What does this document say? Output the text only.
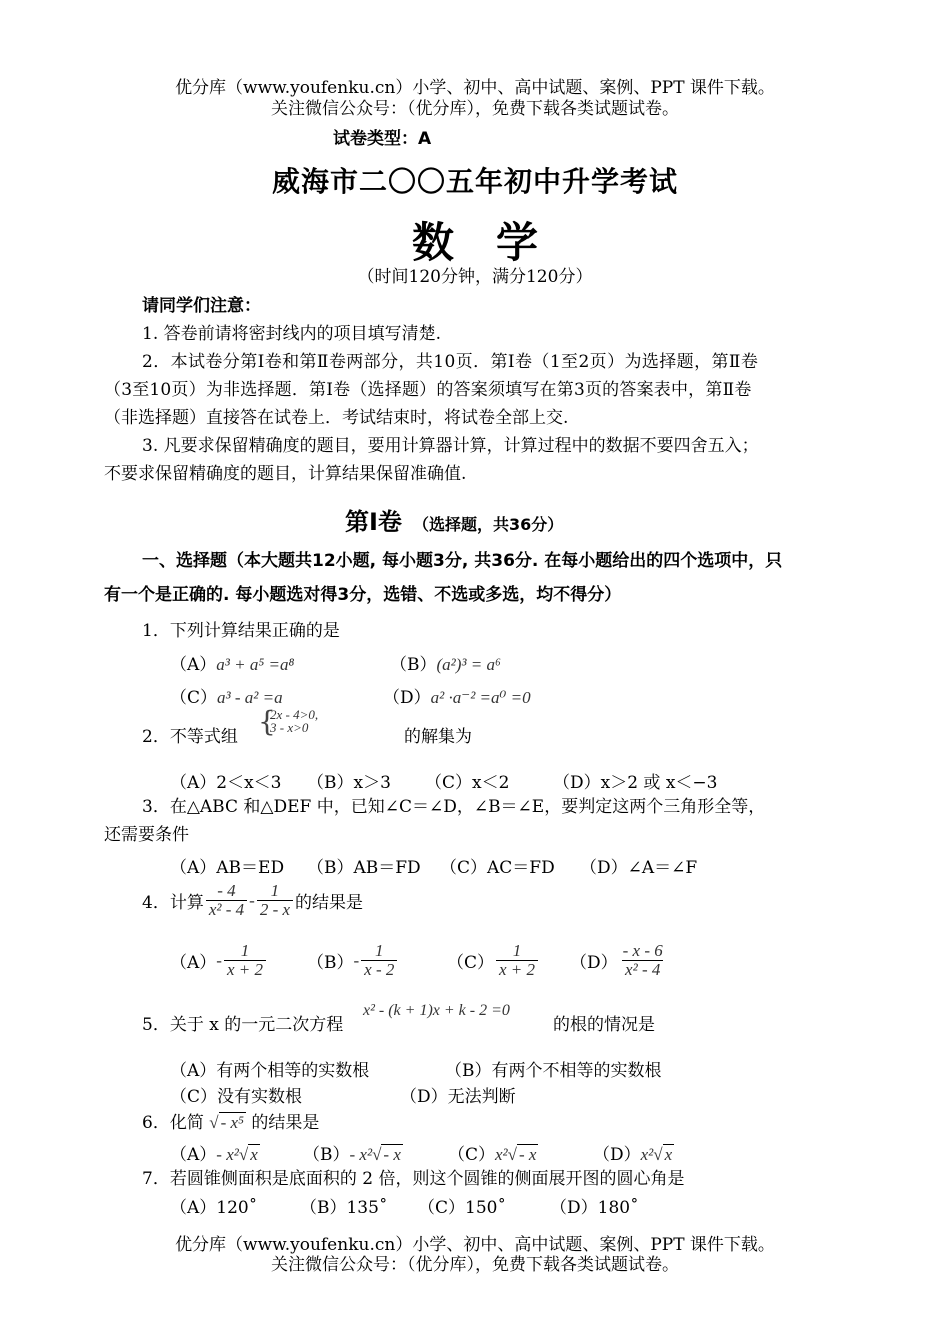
优分库（www.youfenku.cn）小学、初中、高中试题、案例、PPT 课件下载。
关注微信公众号：（优分库），免费下载各类试题试卷。
试卷类型：A
威海市二〇〇五年初中升学考试
数　学
（时间120分钟，满分120分）
请同学们注意：
1. 答卷前请将密封线内的项目填写清楚.
2．本试卷分第Ⅰ卷和第Ⅱ卷两部分，共10页．第Ⅰ卷（1至2页）为选择题，第Ⅱ卷
（3至10页）为非选择题．第Ⅰ卷（选择题）的答案须填写在第3页的答案表中，第Ⅱ卷
（非选择题）直接答在试卷上．考试结束时，将试卷全部上交.
3. 凡要求保留精确度的题目，要用计算器计算，计算过程中的数据不要四舍五入；
不要求保留精确度的题目，计算结果保留准确值.
第Ⅰ卷 （选择题，共36分）
一、选择题（本大题共12小题, 每小题3分, 共36分. 在每小题给出的四个选项中，只
有一个是正确的. 每小题选对得3分，选错、不选或多选，均不得分）
1．下列计算结果正确的是
（A）a³ + a⁵ =a⁸	（B）(a²)³ = a⁶
（C）a³ - a² =a	（D）a² ·a⁻² =a⁰ =0
2．不等式组 {
2x - 4>0,
3 - x>0	的解集为
（A）2＜x＜3 （B）x＞3 （C）x＜2	（D）x＞2 或 x＜−3
3．在△ABC 和△DEF 中，已知∠C＝∠D，∠B＝∠E，要判定这两个三角形全等，
还需要条件
（A）AB＝ED （B）AB＝FD （C）AC＝FD （D）∠A＝∠F
4．计算 $\frac{- 4}{\text{x² - 4}} - \frac{1}{2 - x}$ 的结果是
$(A) - \frac{1}{x + 2} (B) - \frac{1}{x - 2}$	$(C) \frac{1}{x + 2} (D) \frac{- x - 6}{\text{x² - 4}}$
5．关于 x 的一元二次方程
x² - (k + 1)x + k - 2 =0
的根的情况是
（A）有两个相等的实数根	（B）有两个不相等的实数根
（C）没有实数根	（D）无法判断
6．化简 √ - x⁵ 的结果是
（A）- x²√ x	（B）- x²√ - x	（C）x²√ - x	（D）x²√ x
7．若圆锥侧面积是底面积的 2 倍，则这个圆锥的侧面展开图的圆心角是
（A）120˚	（B）135˚ （C）150˚	（D）180˚
优分库（www.youfenku.cn）小学、初中、高中试题、案例、PPT 课件下载。
关注微信公众号：（优分库），免费下载各类试题试卷。
